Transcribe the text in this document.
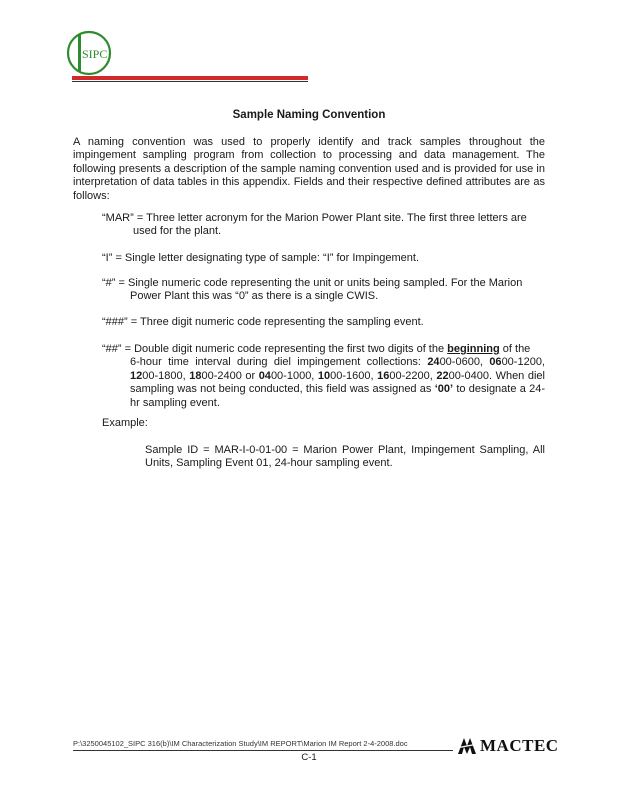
SIPC
Sample Naming Convention

A naming convention was used to properly identify and track samples throughout the impingement sampling program from collection to processing and data management. The following presents a description of the sample naming convention used and is provided for use in interpretation of data tables in this appendix. Fields and their respective defined attributes are as follows:

“MAR” = Three letter acronym for the Marion Power Plant site. The first three letters are
used for the plant.

“I” = Single letter designating type of sample: “I” for Impingement.

“#” = Single numeric code representing the unit or units being sampled. For the Marion
Power Plant this was “0” as there is a single CWIS.

“###” = Three digit numeric code representing the sampling event.

“##” = Double digit numeric code representing the first two digits of the beginning of the
6-hour time interval during diel impingement collections: 2400-0600, 0600-1200, 1200-1800, 1800-2400 or 0400-1000, 1000-1600, 1600-2200, 2200-0400. When diel sampling was not being conducted, this field was assigned as ‘00’ to designate a 24-hr sampling event.

Example:

Sample ID = MAR-I-0-01-00 = Marion Power Plant, Impingement Sampling, All Units, Sampling Event 01, 24-hour sampling event.

P:\3250045102_SIPC 316(b)\IM Characterization Study\IM REPORT\Marion IM Report 2-4-2008.doc
C-1
MACTEC
